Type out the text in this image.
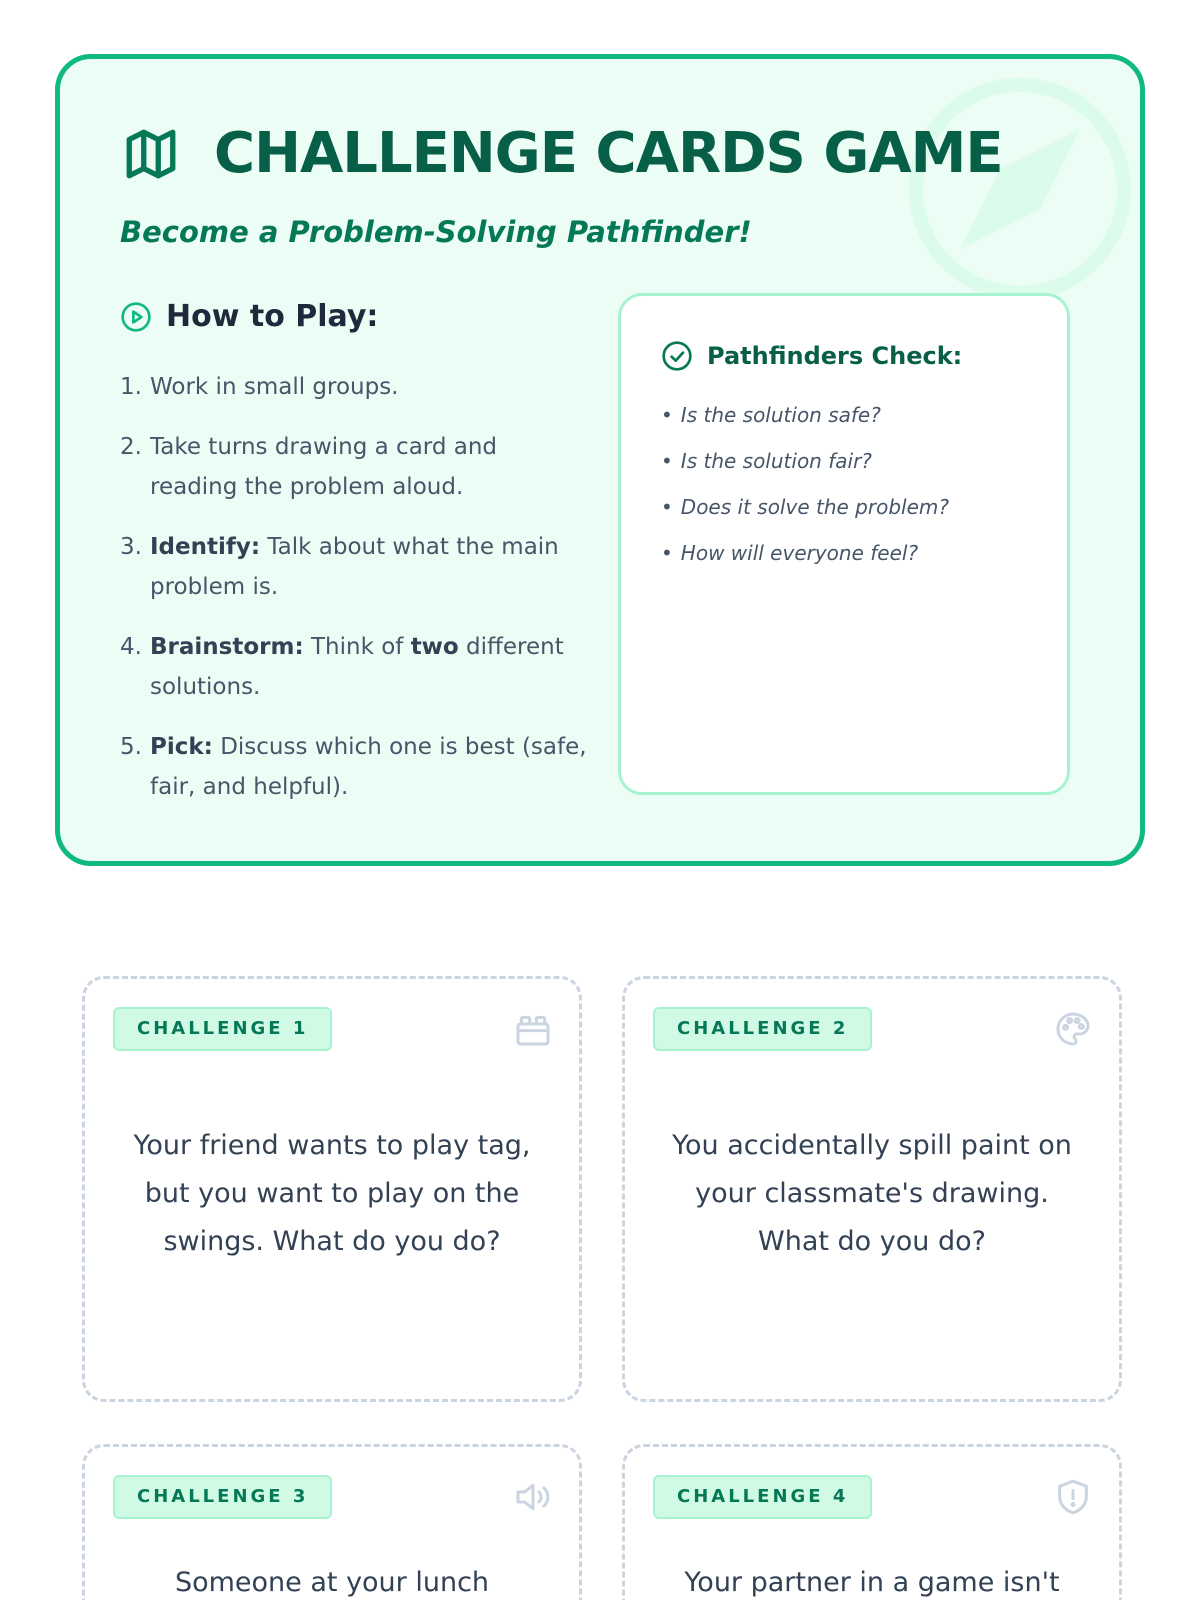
CHALLENGE CARDS GAME
Become a Problem-Solving Pathfinder!
How to Play:
1. Work in small groups.
2. Take turns drawing a card and reading the problem aloud.
3. Identify: Talk about what the main problem is.
4. Brainstorm: Think of two different solutions.
5. Pick: Discuss which one is best (safe, fair, and helpful).
Pathfinders Check:
• Is the solution safe?
• Is the solution fair?
• Does it solve the problem?
• How will everyone feel?
CHALLENGE 1
Your friend wants to play tag, but you want to play on the swings. What do you do?
CHALLENGE 2
You accidentally spill paint on your classmate's drawing. What do you do?
CHALLENGE 3
Someone at your lunch
CHALLENGE 4
Your partner in a game isn't
